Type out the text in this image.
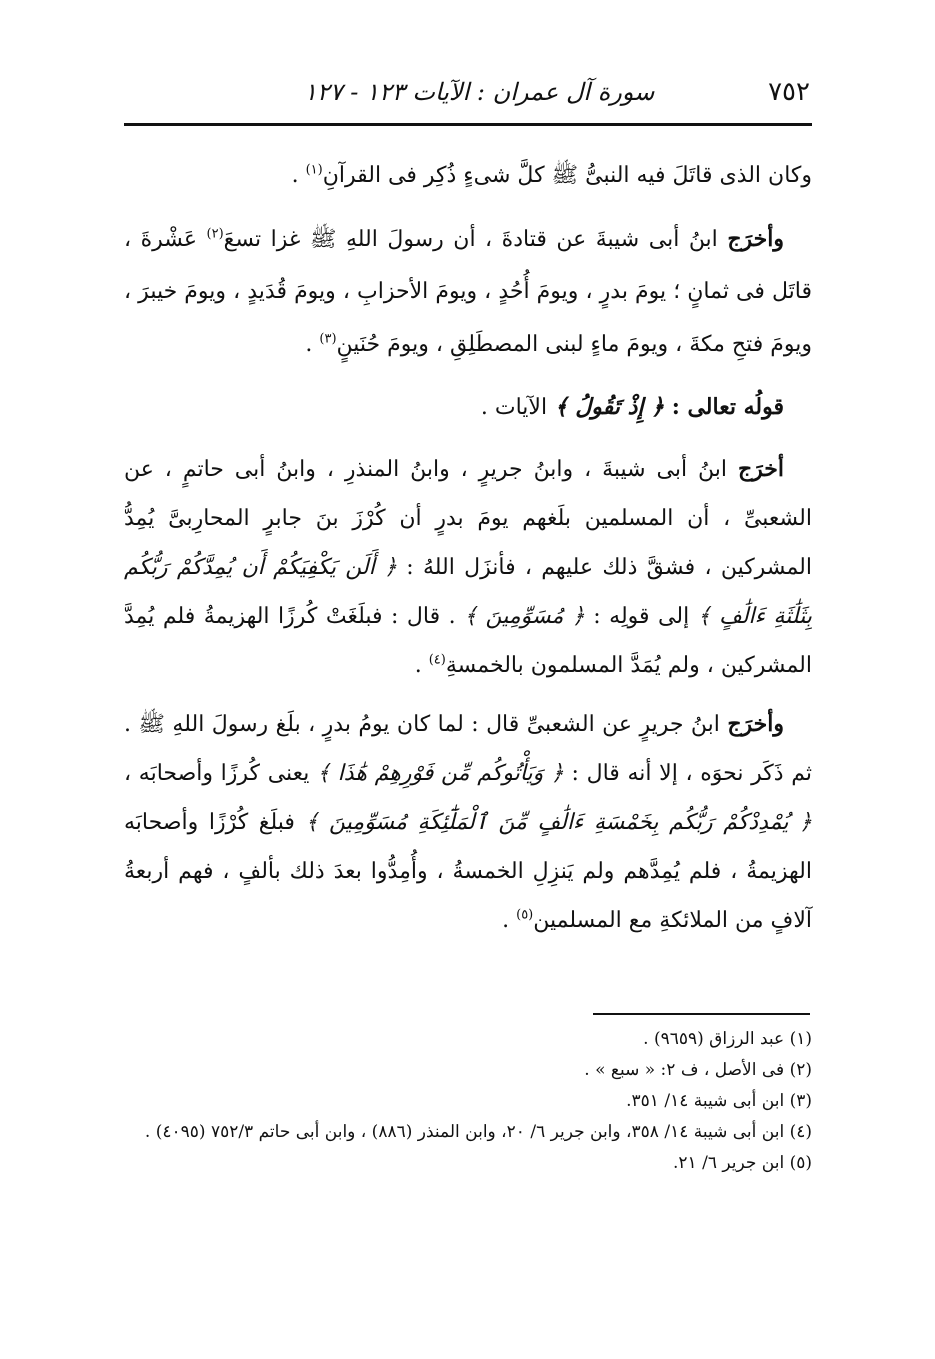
٧٥٢
سورة آل عمران : الآيات ١٢٣ - ١٢٧

وكان الذى قاتَلَ فيه النبىُّ ﷺ كلَّ شىءٍ ذُكِر فى القرآنِ$^{(١)}$ .

وأخرَج ابنُ أبى شيبةَ عن قتادةَ ، أن رسولَ اللهِ ﷺ غزا تسعَ$^{(٢)}$ عَشْرةَ ، قاتَل فى ثمانٍ ؛ يومَ بدرٍ ، ويومَ أُحُدٍ ، ويومَ الأحزابِ ، ويومَ قُدَيدٍ ، ويومَ خيبرَ ، ويومَ فتحِ مكةَ ، ويومَ ماءٍ لبنى المصطَلِقِ ، ويومَ حُنَينٍ$^{(٣)}$ .

قولُه تعالى : ﴿ إِذْ تَقُولُ ﴾ الآيات .

أخرَج ابنُ أبى شيبةَ ، وابنُ جريرٍ ، وابنُ المنذرِ ، وابنُ أبى حاتمٍ ، عن الشعبىِّ ، أن المسلمين بلَغهم يومَ بدرٍ أن كُرْزَ بنَ جابرٍ المحارِبىَّ يُمِدُّ المشركين ، فشقَّ ذلك عليهم ، فأنزَل اللهُ : ﴿ أَلَن يَكْفِيَكُمْ أَن يُمِدَّكُمْ رَبُّكُم بِثَلَٰثَةِ ءَالَٰفٍ ﴾ إلى قولِه : ﴿ مُسَوِّمِينَ ﴾ . قال : فبلَغَتْ كُرزًا الهزيمةُ فلم يُمِدَّ المشركين ، ولم يُمَدَّ المسلمون بالخمسةِ$^{(٤)}$ .

وأخرَج ابنُ جريرٍ عن الشعبىِّ قال : لما كان يومُ بدرٍ ، بلَغ رسولَ اللهِ ﷺ . ثم ذَكَر نحوَه ، إلا أنه قال : ﴿ وَيَأْتُوكُم مِّن فَوْرِهِمْ هَٰذَا ﴾ يعنى كُرزًا وأصحابَه ، ﴿ يُمْدِدْكُمْ رَبُّكُم بِخَمْسَةِ ءَالَٰفٍ مِّنَ ٱلْمَلَٰٓئِكَةِ مُسَوِّمِينَ ﴾ فبلَغ كُرْزًا وأصحابَه الهزيمةُ ، فلم يُمِدَّهم ولم يَنزِلِ الخمسةُ ، وأُمِدُّوا بعدَ ذلك بألفٍ ، فهم أربعةُ آلافٍ من الملائكةِ مع المسلمين$^{(٥)}$ .

(١) عبد الرزاق (٩٦٥٩) .

(٢) فى الأصل ، ف ٢: « سبع » .

(٣) ابن أبى شيبة ١٤/ ٣٥١.

(٤) ابن أبى شيبة ١٤/ ٣٥٨، وابن جرير ٦/ ٢٠، وابن المنذر (٨٨٦) ، وابن أبى حاتم ٧٥٢/٣ (٤٠٩٥) .

(٥) ابن جرير ٦/ ٢١.
